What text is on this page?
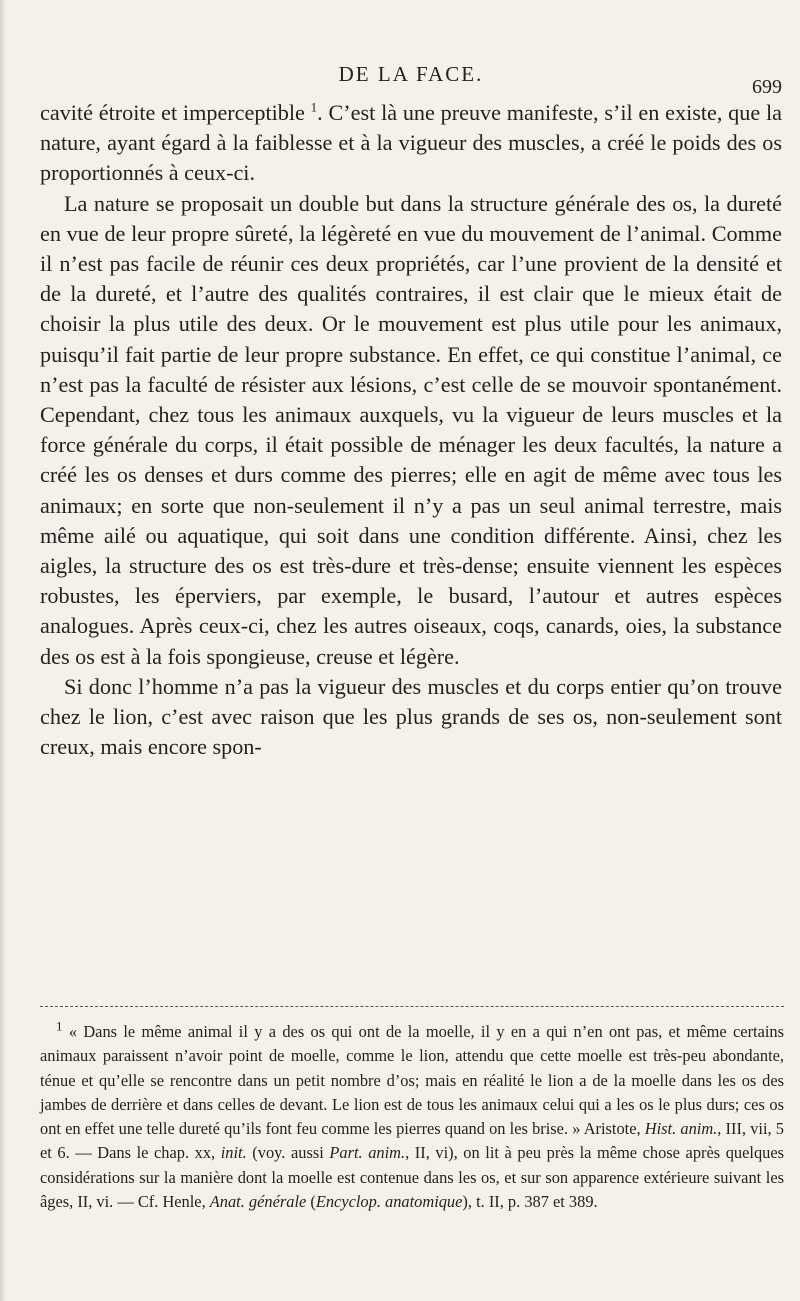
DE LA FACE.
699

cavité étroite et imperceptible $^1$. C’est là une preuve manifeste, s’il en existe, que la nature, ayant égard à la faiblesse et à la vigueur des muscles, a créé le poids des os proportionnés à ceux-ci.

La nature se proposait un double but dans la structure générale des os, la dureté en vue de leur propre sûreté, la légèreté en vue du mouvement de l’animal. Comme il n’est pas facile de réunir ces deux propriétés, car l’une provient de la densité et de la dureté, et l’autre des qualités contraires, il est clair que le mieux était de choisir la plus utile des deux. Or le mouvement est plus utile pour les animaux, puisqu’il fait partie de leur propre substance. En effet, ce qui constitue l’animal, ce n’est pas la faculté de résister aux lésions, c’est celle de se mouvoir spontanément. Cependant, chez tous les animaux auxquels, vu la vigueur de leurs muscles et la force générale du corps, il était possible de ménager les deux facultés, la nature a créé les os denses et durs comme des pierres; elle en agit de même avec tous les animaux; en sorte que non-seulement il n’y a pas un seul animal terrestre, mais même ailé ou aquatique, qui soit dans une condition différente. Ainsi, chez les aigles, la structure des os est très-dure et très-dense; ensuite viennent les espèces robustes, les éperviers, par exemple, le busard, l’autour et autres espèces analogues. Après ceux-ci, chez les autres oiseaux, coqs, canards, oies, la substance des os est à la fois spongieuse, creuse et légère.

Si donc l’homme n’a pas la vigueur des muscles et du corps entier qu’on trouve chez le lion, c’est avec raison que les plus grands de ses os, non-seulement sont creux, mais encore spon-

$^1$ « Dans le même animal il y a des os qui ont de la moelle, il y en a qui n’en ont pas, et même certains animaux paraissent n’avoir point de moelle, comme le lion, attendu que cette moelle est très-peu abondante, ténue et qu’elle se rencontre dans un petit nombre d’os; mais en réalité le lion a de la moelle dans les os des jambes de derrière et dans celles de devant. Le lion est de tous les animaux celui qui a les os le plus durs; ces os ont en effet une telle dureté qu’ils font feu comme les pierres quand on les brise. » Aristote, Hist. anim., III, vii, 5 et 6. — Dans le chap. xx, init. (voy. aussi Part. anim., II, vi), on lit à peu près la même chose après quelques considérations sur la manière dont la moelle est contenue dans les os, et sur son apparence extérieure suivant les âges, II, vi. — Cf. Henle, Anat. générale (Encyclop. anatomique), t. II, p. 387 et 389.
